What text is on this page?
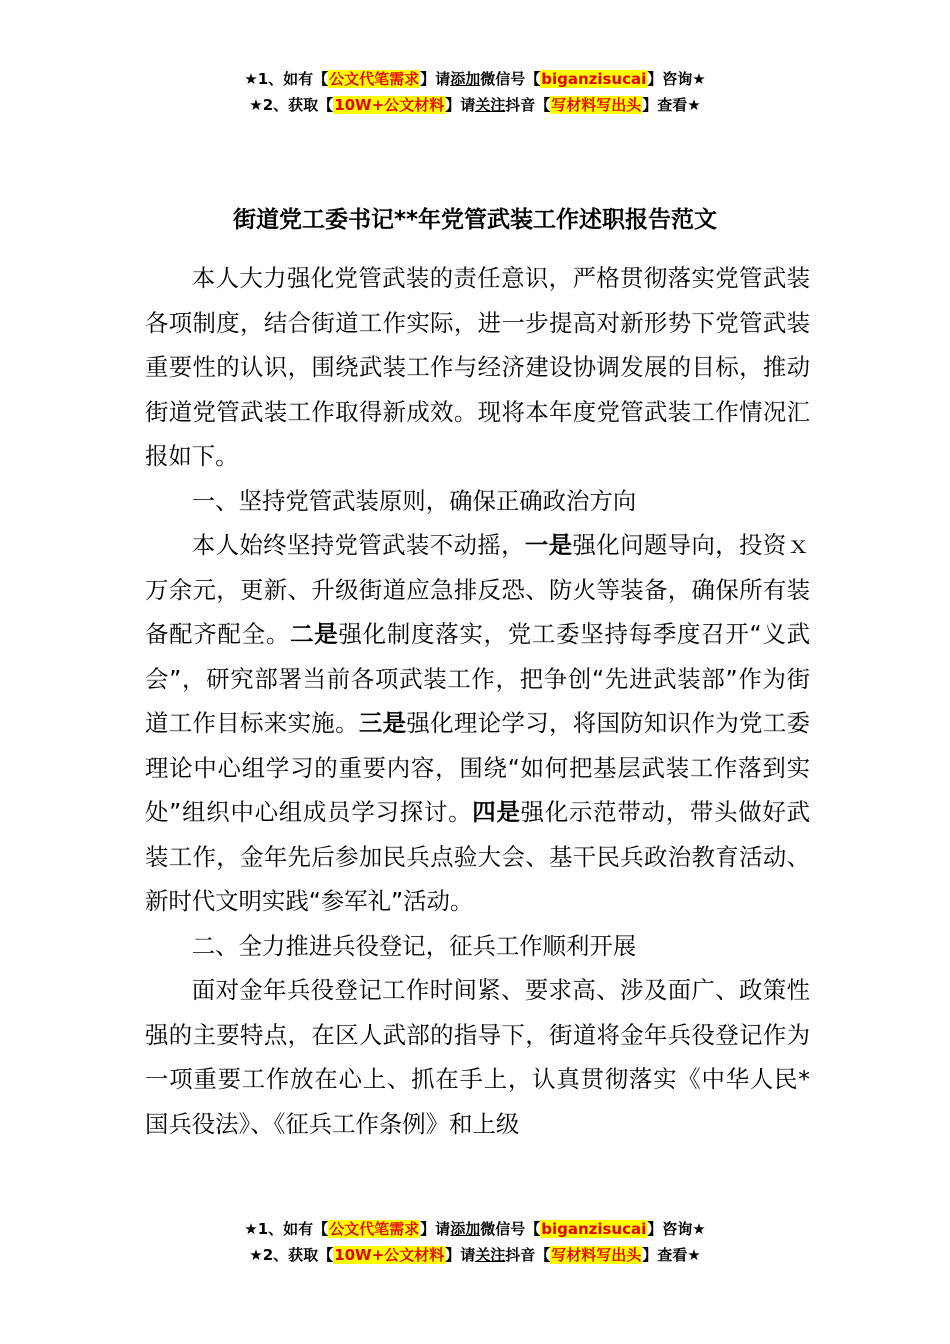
★1、如有【公文代笔需求】请添加微信号【biganzisucai】咨询★
★2、获取【10W+公文材料】请关注抖音【写材料写出头】查看★
街道党工委书记**年党管武装工作述职报告范文

本人大力强化党管武装的责任意识，严格贯彻落实党管武装各项制度，结合街道工作实际，进一步提高对新形势下党管武装重要性的认识，围绕武装工作与经济建设协调发展的目标，推动街道党管武装工作取得新成效。现将本年度党管武装工作情况汇报如下。

一、坚持党管武装原则，确保正确政治方向

本人始终坚持党管武装不动摇，一是强化问题导向，投资ｘ万余元，更新、升级街道应急排反恐、防火等装备，确保所有装备配齐配全。二是强化制度落实，党工委坚持每季度召开“义武会”，研究部署当前各项武装工作，把争创“先进武装部”作为街道工作目标来实施。三是强化理论学习，将国防知识作为党工委理论中心组学习的重要内容，围绕“如何把基层武装工作落到实处”组织中心组成员学习探讨。四是强化示范带动，带头做好武装工作，金年先后参加民兵点验大会、基干民兵政治教育活动、新时代文明实践“参军礼”活动。

二、全力推进兵役登记，征兵工作顺利开展

面对金年兵役登记工作时间紧、要求高、涉及面广、政策性强的主要特点，在区人武部的指导下，街道将金年兵役登记作为一项重要工作放在心上、抓在手上，认真贯彻落实《中华人民*国兵役法》、《征兵工作条例》和上级

★1、如有【公文代笔需求】请添加微信号【biganzisucai】咨询★
★2、获取【10W+公文材料】请关注抖音【写材料写出头】查看★
